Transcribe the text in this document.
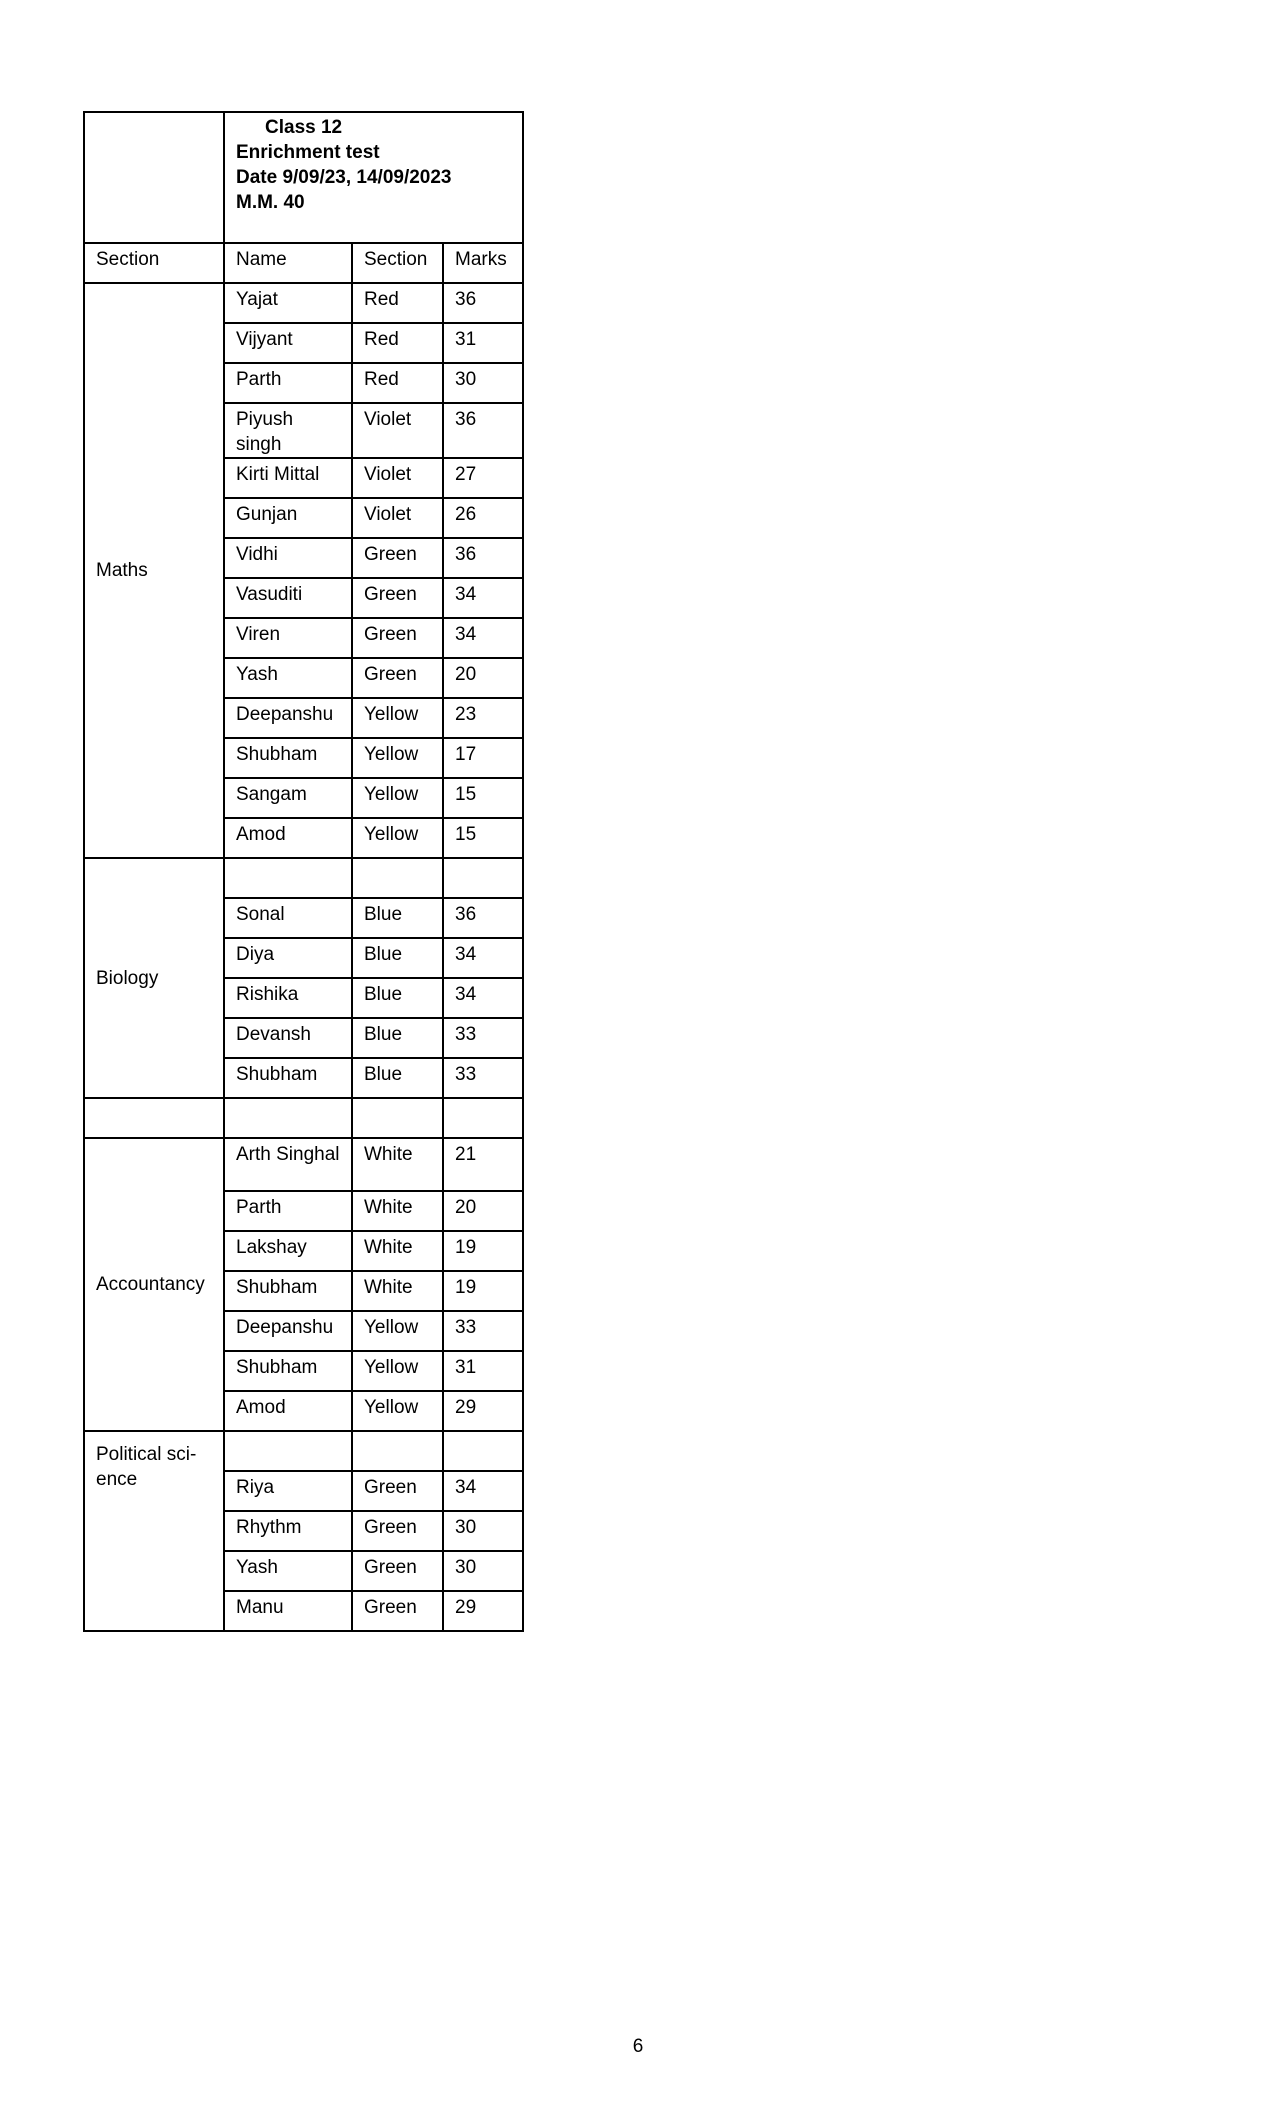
	Class 12
Enrichment test
Date 9/09/23, 14/09/2023
M.M. 40		

Section	Name	Section	Marks
Maths	Yajat	Red	36
	Vijyant	Red	31
	Parth	Red	30
	Piyush singh	Violet	36
	Kirti Mittal	Violet	27
	Gunjan	Violet	26
	Vidhi	Green	36
	Vasuditi	Green	34
	Viren	Green	34
	Yash	Green	20
	Deepanshu	Yellow	23
	Shubham	Yellow	17
	Sangam	Yellow	15
	Amod	Yellow	15
Biology			
	Sonal	Blue	36
	Diya	Blue	34
	Rishika	Blue	34
	Devansh	Blue	33
	Shubham	Blue	33

Accountancy	Arth Singhal	White	21
	Parth	White	20
	Lakshay	White	19
	Shubham	White	19
	Deepanshu	Yellow	33
	Shubham	Yellow	31
	Amod	Yellow	29
Political sci-ence			
	Riya	Green	34
	Rhythm	Green	30
	Yash	Green	30
	Manu	Green	29
6
